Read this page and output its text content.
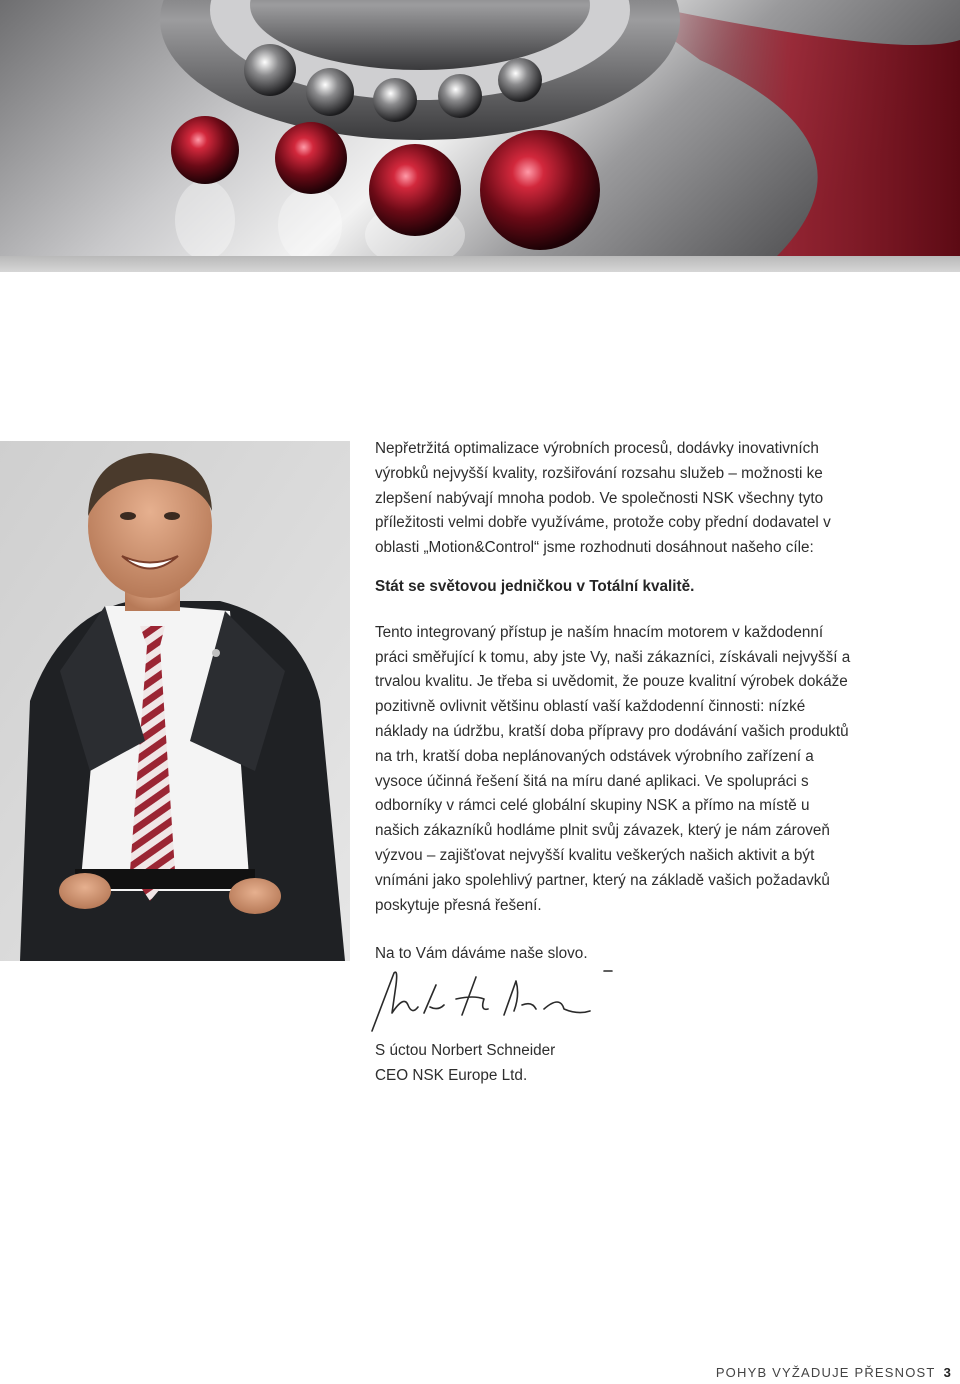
Nepřetržitá optimalizace výrobních procesů, dodávky inovativních výrobků nejvyšší kvality, rozšiřování rozsahu služeb – možnosti ke zlepšení nabývají mnoha podob. Ve společnosti NSK všechny tyto příležitosti velmi dobře využíváme, protože coby přední dodavatel v oblasti „Motion&Control“ jsme rozhodnuti dosáhnout našeho cíle:

Stát se světovou jedničkou v Totální kvalitě.

Tento integrovaný přístup je naším hnacím motorem v každodenní práci směřující k tomu, aby jste Vy, naši zákazníci, získávali nejvyšší a trvalou kvalitu. Je třeba si uvědomit, že pouze kvalitní výrobek dokáže pozitivně ovlivnit většinu oblastí vaší každodenní činnosti: nízké náklady na údržbu, kratší doba přípravy pro dodávání vašich produktů na trh, kratší doba neplánovaných odstávek výrobního zařízení a vysoce účinná řešení šitá na míru dané aplikaci. Ve spolupráci s odborníky v rámci celé globální skupiny NSK a přímo na místě u našich zákazníků hodláme plnit svůj závazek, který je nám zároveň výzvou – zajišťovat nejvyšší kvalitu veškerých našich aktivit a být vnímáni jako spolehlivý partner, který na základě vašich požadavků poskytuje přesná řešení.

Na to Vám dáváme naše slovo.

S úctou Norbert Schneider

CEO NSK Europe Ltd.

POHYB VYŽADUJE PŘESNOST 3
